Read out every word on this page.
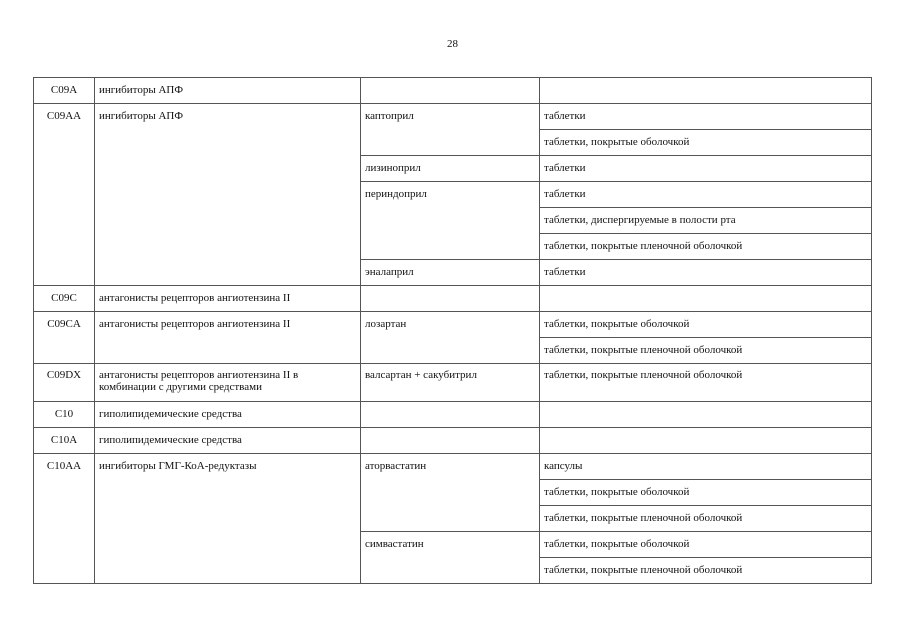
28
C09A	ингибиторы АПФ		
C09AA	ингибиторы АПФ	каптоприл	таблетки
			таблетки, покрытые оболочкой
		лизиноприл	таблетки
		периндоприл	таблетки
			таблетки, диспергируемые в полости рта
			таблетки, покрытые пленочной оболочкой
		эналаприл	таблетки
C09C	антагонисты рецепторов ангиотензина II		
C09CA	антагонисты рецепторов ангиотензина II	лозартан	таблетки, покрытые оболочкой
			таблетки, покрытые пленочной оболочкой
C09DX	антагонисты рецепторов ангиотензина II в комбинации с другими средствами	валсартан + сакубитрил	таблетки, покрытые пленочной оболочкой
C10	гиполипидемические средства		
C10A	гиполипидемические средства		
C10AA	ингибиторы ГМГ-КоА-редуктазы	аторвастатин	капсулы
			таблетки, покрытые оболочкой
			таблетки, покрытые пленочной оболочкой
		симвастатин	таблетки, покрытые оболочкой
			таблетки, покрытые пленочной оболочкой
